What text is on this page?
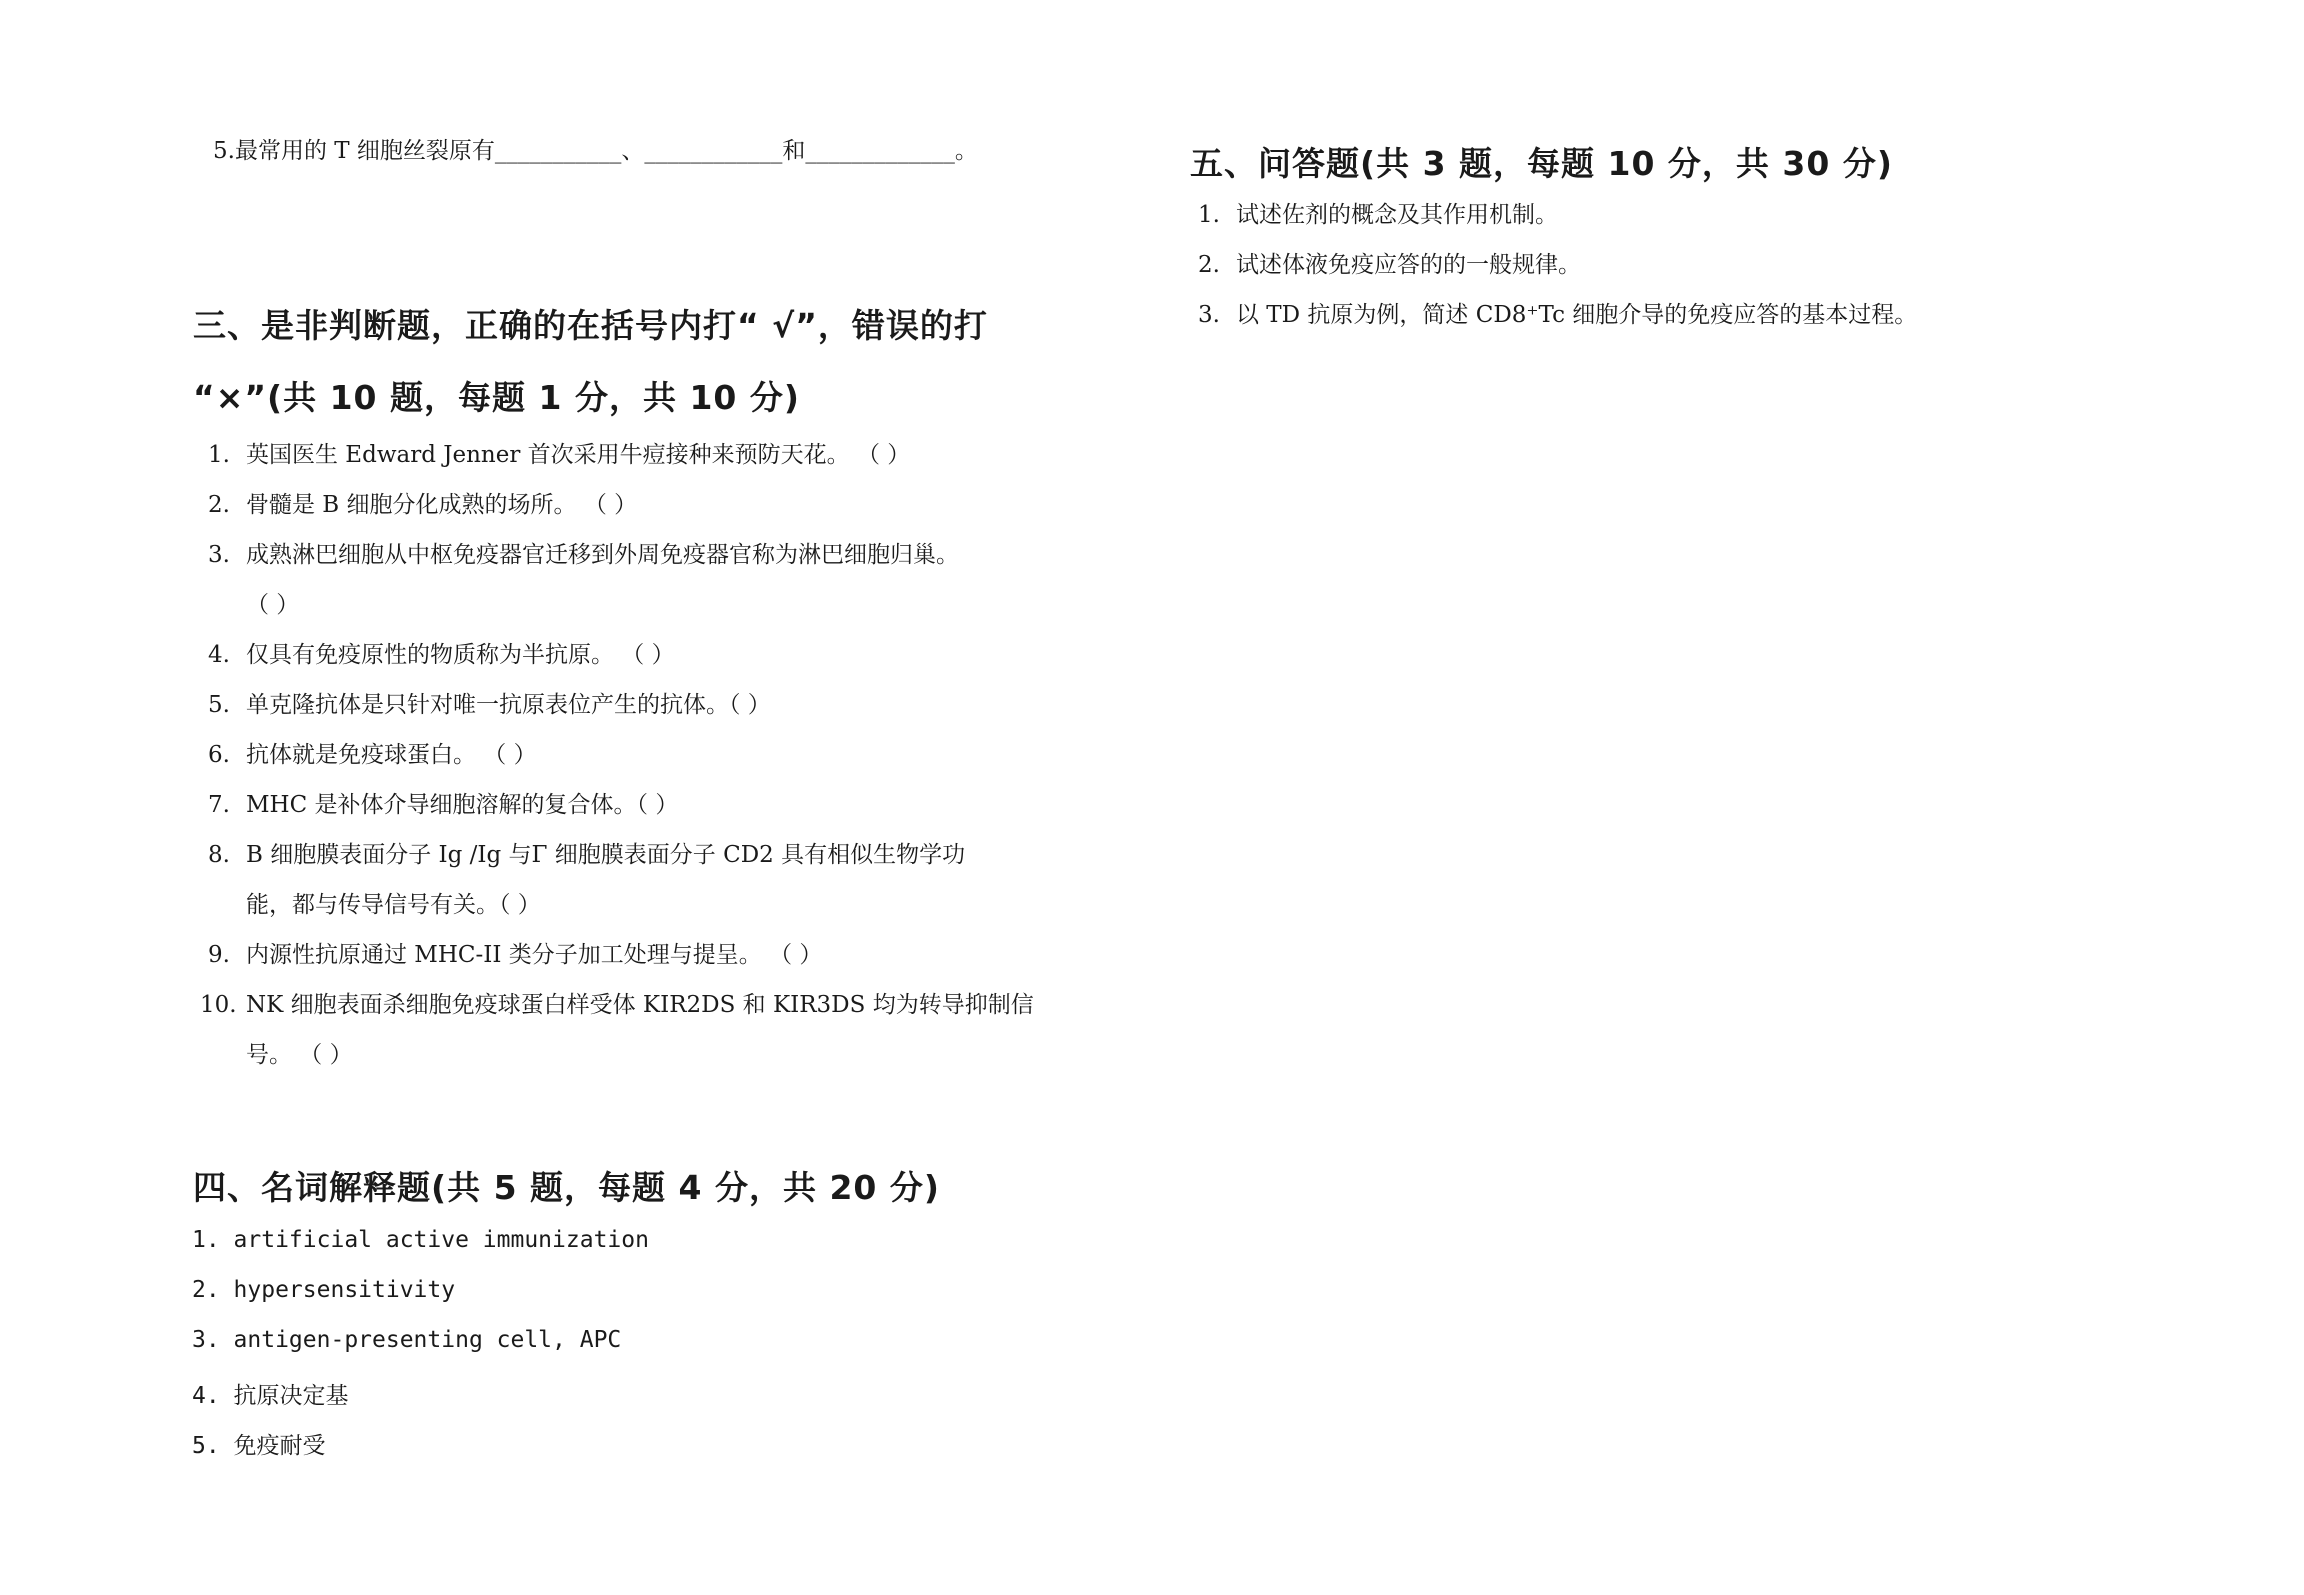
5.最常用的 T 细胞丝裂原有___________、____________和_____________。
三、是非判断题，正确的在括号内打“ √”，错误的打
“×”(共 10 题，每题 1 分，共 10 分)
1. 英国医生 Edward Jenner 首次采用牛痘接种来预防天花。 （ ）
2. 骨髓是 B 细胞分化成熟的场所。 （ ）
3. 成熟淋巴细胞从中枢免疫器官迁移到外周免疫器官称为淋巴细胞归巢。
（ ）
4. 仅具有免疫原性的物质称为半抗原。 （ ）
5. 单克隆抗体是只针对唯一抗原表位产生的抗体。（ ）
6. 抗体就是免疫球蛋白。 （ ）
7. MHC 是补体介导细胞溶解的复合体。（ ）
8. B 细胞膜表面分子 Ig /Ig 与Γ 细胞膜表面分子 CD2 具有相似生物学功
能，都与传导信号有关。（ ）
9. 内源性抗原通过 MHC-II 类分子加工处理与提呈。 （ ）
10. NK 细胞表面杀细胞免疫球蛋白样受体 KIR2DS 和 KIR3DS 均为转导抑制信
号。 （ ）
四、名词解释题(共 5 题，每题 4 分，共 20 分)
1. artificial active immunization
2. hypersensitivity
3. antigen-presenting cell, APC
4. 抗原决定基
5. 免疫耐受
五、问答题(共 3 题，每题 10 分，共 30 分)
1. 试述佐剂的概念及其作用机制。
2. 试述体液免疫应答的的一般规律。
3. 以 TD 抗原为例，简述 CD8⁺Tc 细胞介导的免疫应答的基本过程。
